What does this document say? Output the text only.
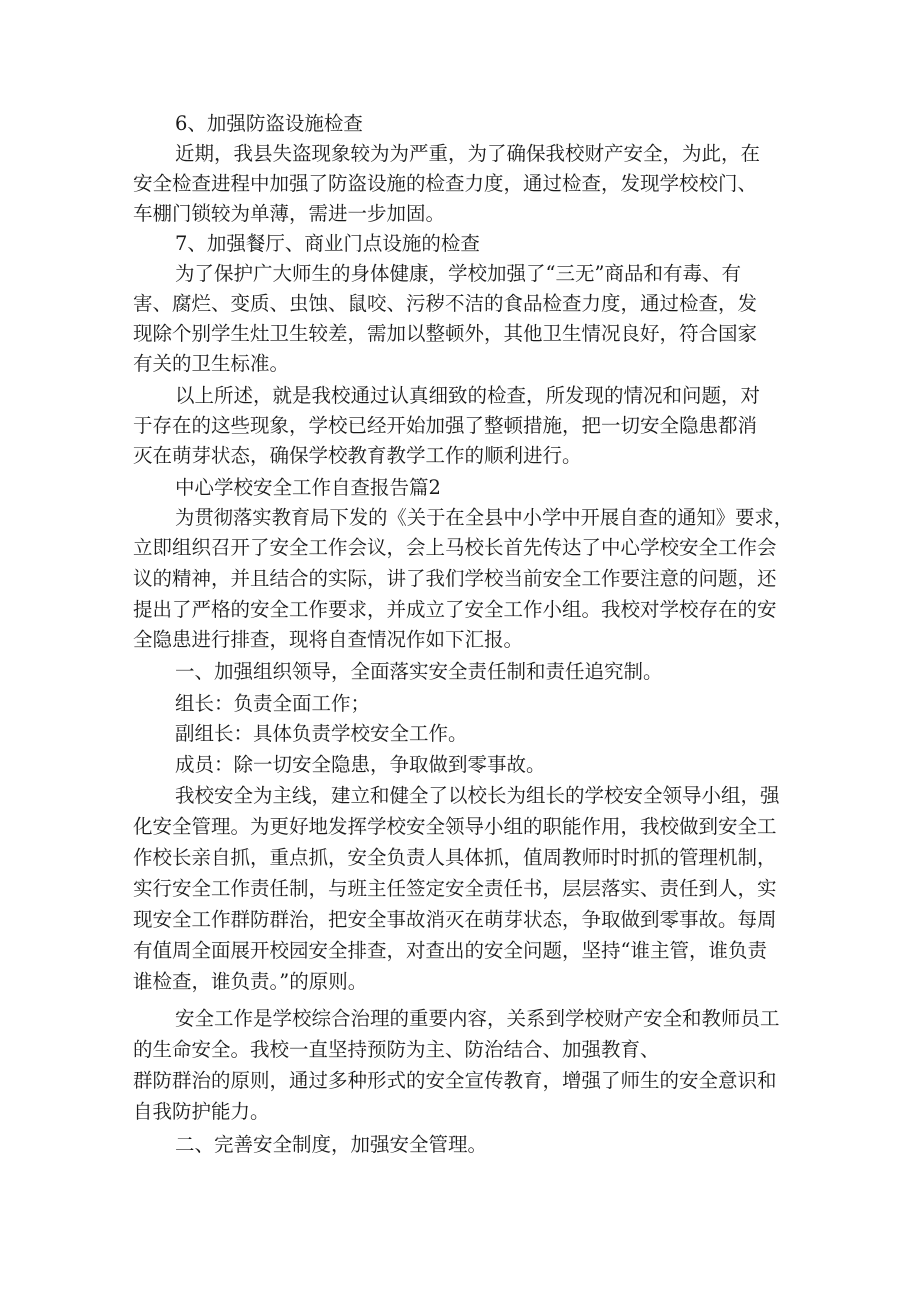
6、加强防盗设施检查
近期，我县失盗现象较为为严重，为了确保我校财产安全，为此，在
安全检查进程中加强了防盗设施的检查力度，通过检查，发现学校校门、
车棚门锁较为单薄，需进一步加固。
7、加强餐厅、商业门点设施的检查
为了保护广大师生的身体健康，学校加强了“三无”商品和有毒、有
害、腐烂、变质、虫蚀、鼠咬、污秽不洁的食品检查力度，通过检查，发
现除个别学生灶卫生较差，需加以整顿外，其他卫生情况良好，符合国家
有关的卫生标准。
以上所述，就是我校通过认真细致的检查，所发现的情况和问题，对
于存在的这些现象，学校已经开始加强了整顿措施，把一切安全隐患都消
灭在萌芽状态，确保学校教育教学工作的顺利进行。
中心学校安全工作自查报告篇2
为贯彻落实教育局下发的《关于在全县中小学中开展自查的通知》要求，
立即组织召开了安全工作会议，会上马校长首先传达了中心学校安全工作会
议的精神，并且结合的实际，讲了我们学校当前安全工作要注意的问题，还
提出了严格的安全工作要求，并成立了安全工作小组。我校对学校存在的安
全隐患进行排查，现将自查情况作如下汇报。
一、加强组织领导，全面落实安全责任制和责任追究制。
组长：负责全面工作；
副组长：具体负责学校安全工作。
成员：除一切安全隐患，争取做到零事故。
我校安全为主线，建立和健全了以校长为组长的学校安全领导小组，强
化安全管理。为更好地发挥学校安全领导小组的职能作用，我校做到安全工
作校长亲自抓，重点抓，安全负责人具体抓，值周教师时时抓的管理机制，
实行安全工作责任制，与班主任签定安全责任书，层层落实、责任到人，实
现安全工作群防群治，把安全事故消灭在萌芽状态，争取做到零事故。每周
有值周全面展开校园安全排查，对查出的安全问题，坚持“谁主管，谁负责
谁检查，谁负责。”的原则。
安全工作是学校综合治理的重要内容，关系到学校财产安全和教师员工
的生命安全。我校一直坚持预防为主、防治结合、加强教育、
群防群治的原则，通过多种形式的安全宣传教育，增强了师生的安全意识和
自我防护能力。
二、完善安全制度，加强安全管理。
